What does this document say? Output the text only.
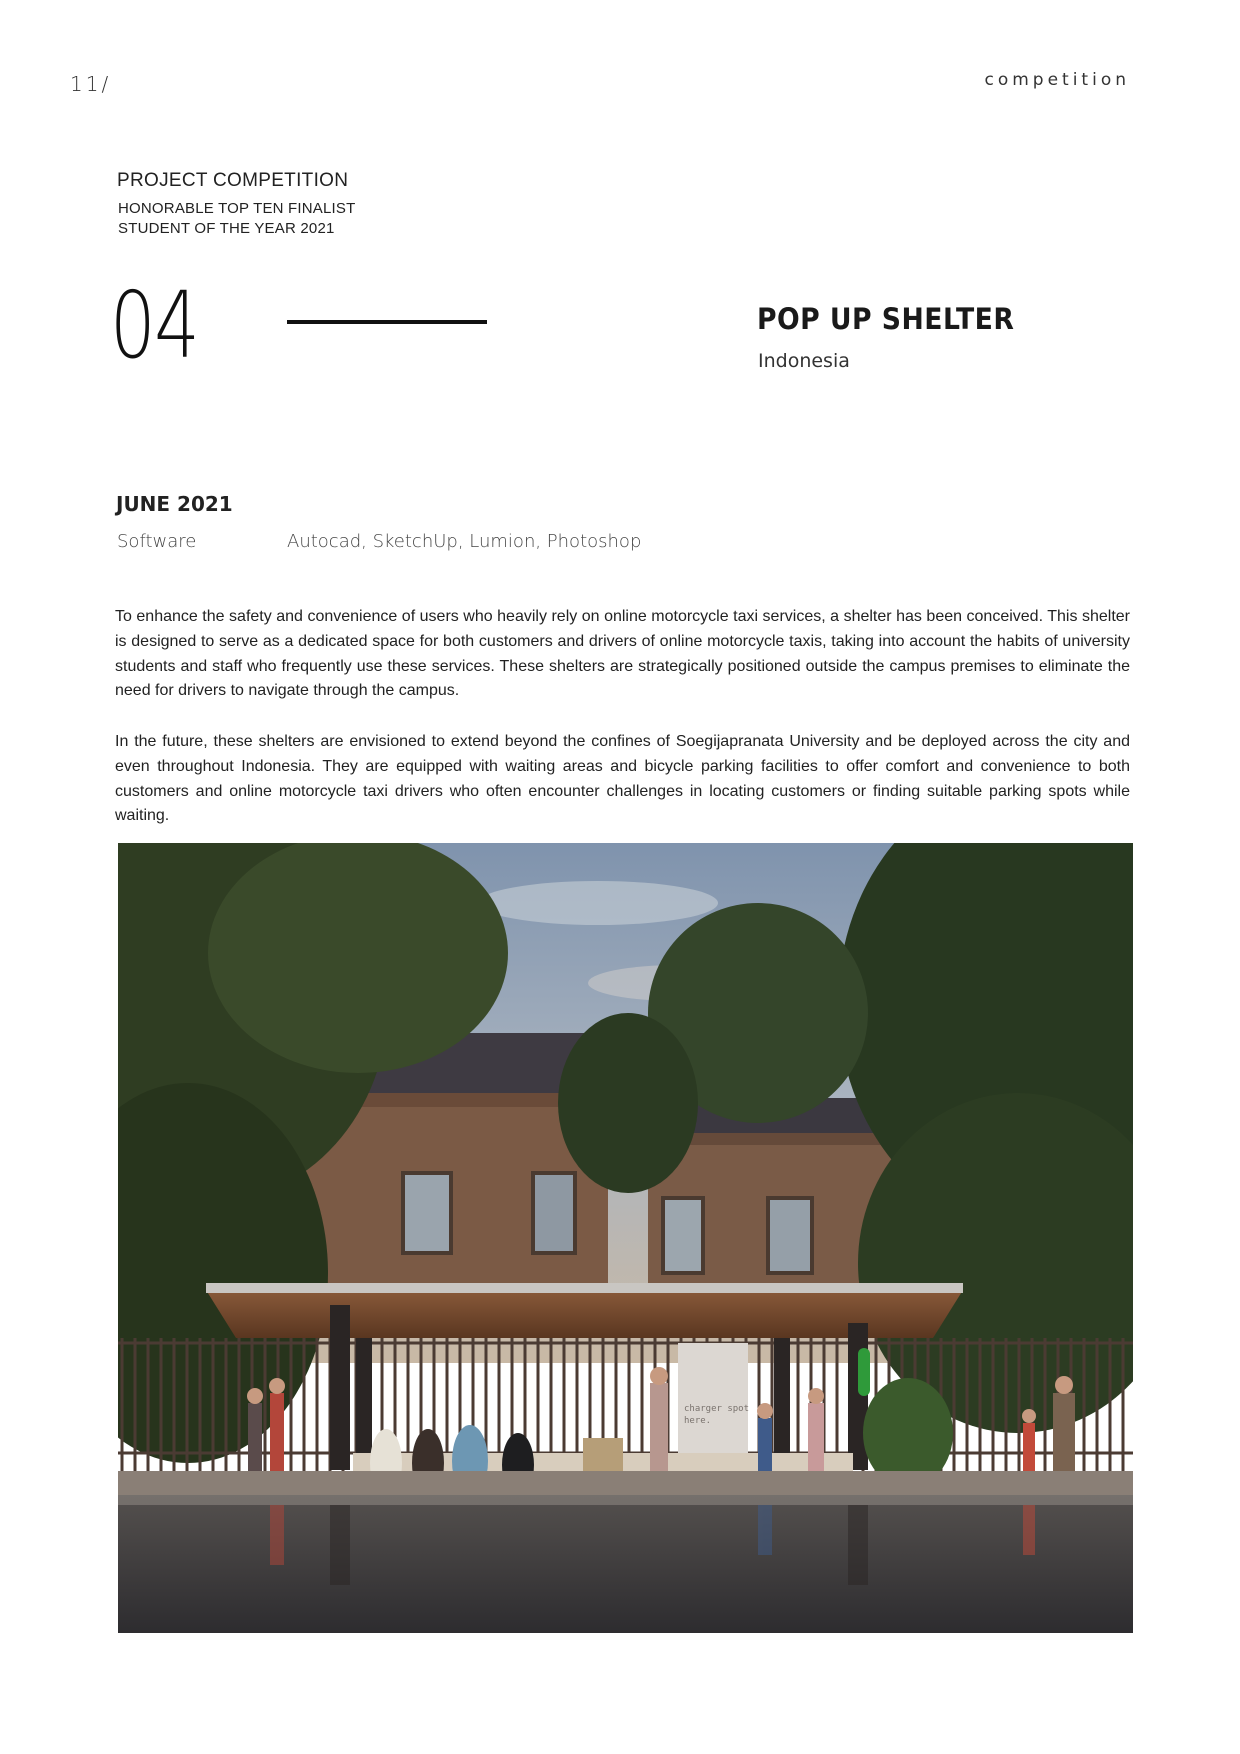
11/	competition
PROJECT COMPETITION
HONORABLE TOP TEN FINALIST
STUDENT OF THE YEAR 2021
04	POP UP SHELTER
Indonesia
JUNE 2021
Software	Autocad, SketchUp, Lumion, Photoshop

To enhance the safety and convenience of users who heavily rely on online motorcycle taxi services, a shelter has been conceived. This shelter is designed to serve as a dedicated space for both customers and drivers of online motorcycle taxis, taking into account the habits of university students and staff who frequently use these services. These shelters are strategically positioned outside the campus premises to eliminate the need for drivers to navigate through the campus.

In the future, these shelters are envisioned to extend beyond the confines of Soegijapranata University and be deployed across the city and even throughout Indonesia. They are equipped with waiting areas and bicycle parking facilities to offer comfort and convenience to both customers and online motorcycle taxi drivers who often encounter challenges in locating customers or finding suitable parking spots while waiting.

charger spot
here.
